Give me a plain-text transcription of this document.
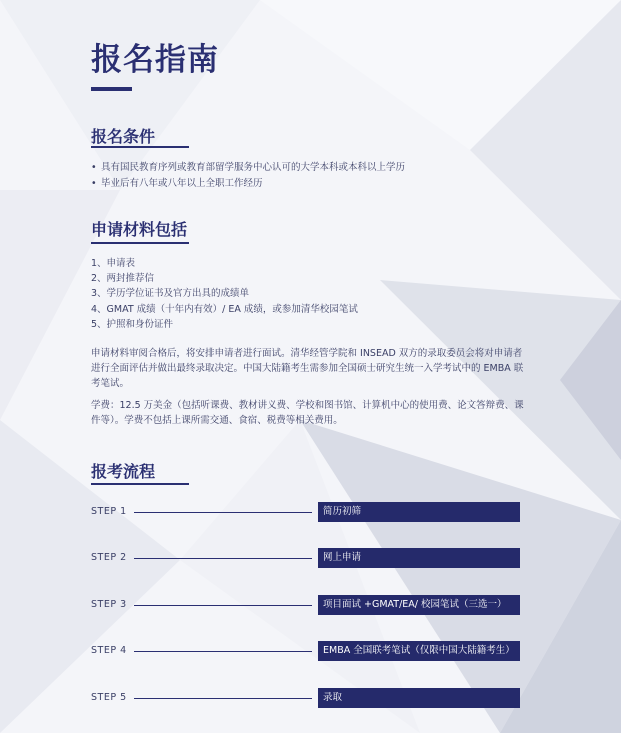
报名指南
报名条件
• 具有国民教育序列或教育部留学服务中心认可的大学本科或本科以上学历
• 毕业后有八年或八年以上全职工作经历
申请材料包括
1、申请表
2、两封推荐信
3、学历学位证书及官方出具的成绩单
4、GMAT 成绩（十年内有效）/ EA 成绩，或参加清华校园笔试
5、护照和身份证件

申请材料审阅合格后，将安排申请者进行面试。清华经管学院和 INSEAD 双方的录取委员会将对申请者进行全面评估并做出最终录取决定。中国大陆籍考生需参加全国硕士研究生统一入学考试中的 EMBA 联考笔试。

学费：12.5 万美金（包括听课费、教材讲义费、学校和图书馆、计算机中心的使用费、论文答辩费、课件等）。学费不包括上课所需交通、食宿、税费等相关费用。

报考流程
STEP 1	简历初筛
STEP 2	网上申请
STEP 3	项目面试 +GMAT/EA/ 校园笔试（三选一）
STEP 4	EMBA 全国联考笔试（仅限中国大陆籍考生）
STEP 5	录取
